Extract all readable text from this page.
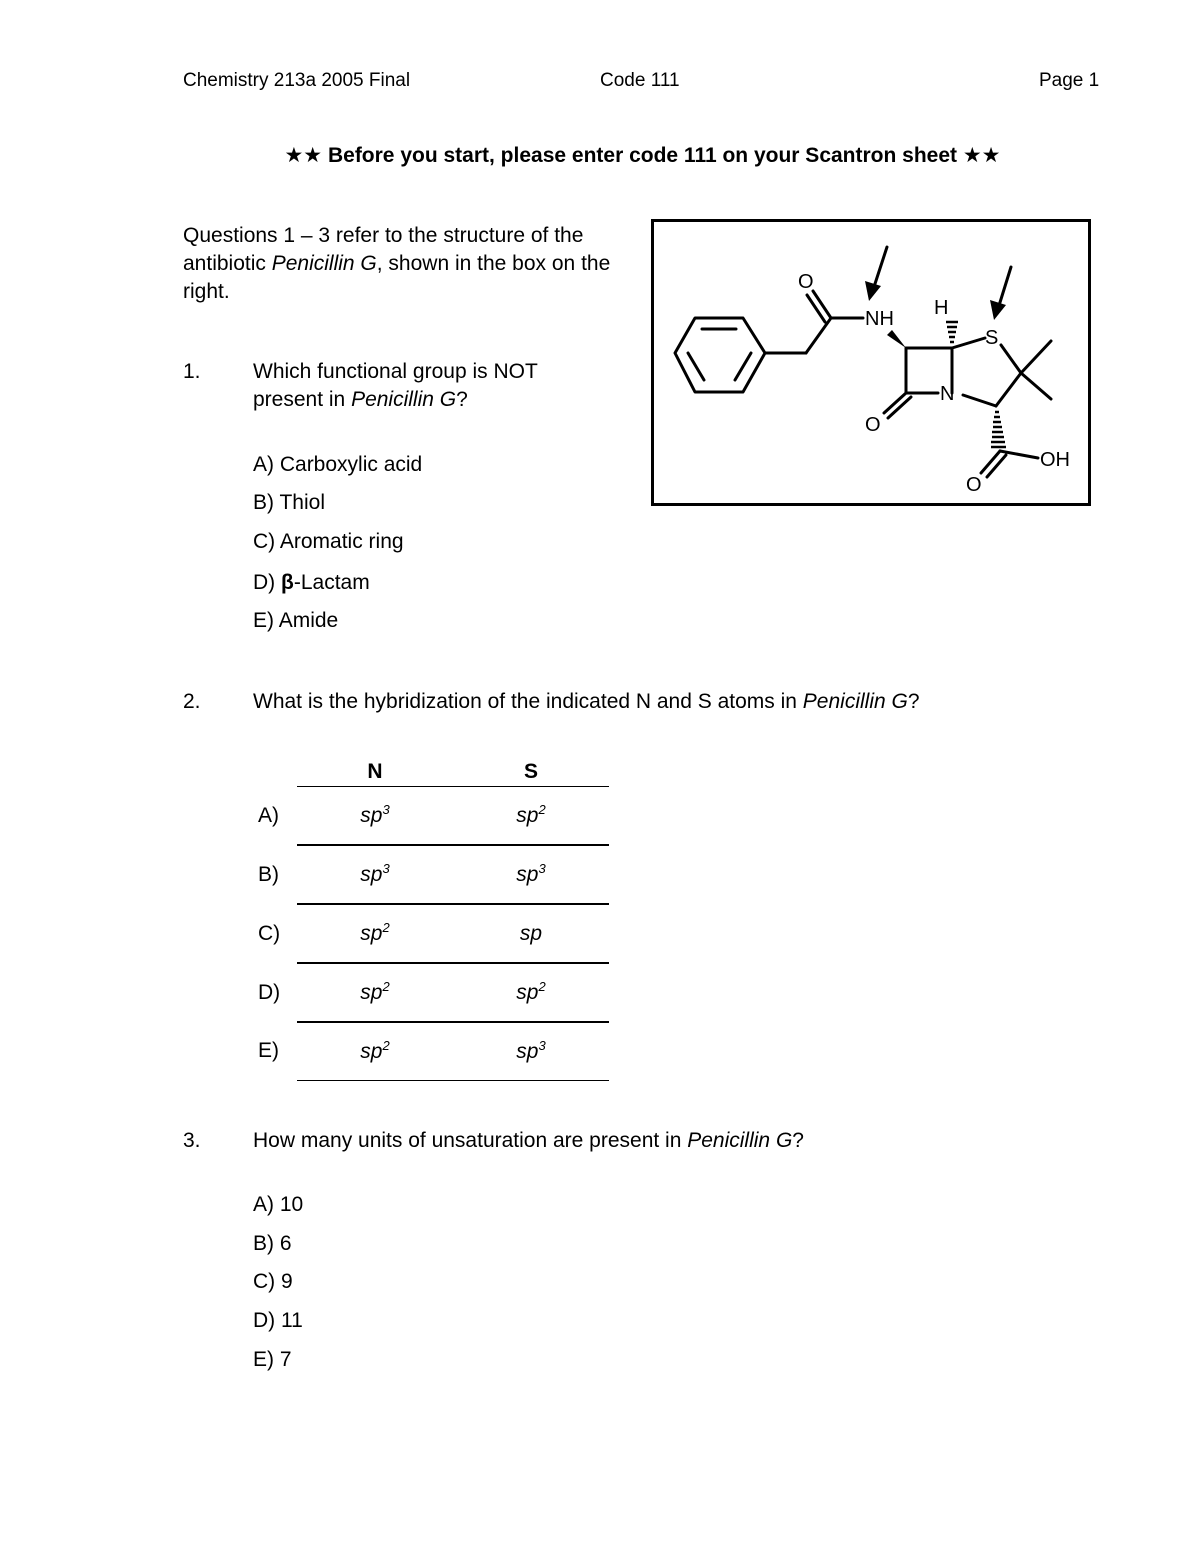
Chemistry 213a 2005 Final	Code 111	Page 1
★★ Before you start, please enter code 111 on your Scantron sheet ★★
Questions 1 – 3 refer to the structure of the antibiotic Penicillin G, shown in the box on the right.	O
NH H
S
N
O
O
OH
1. Which functional group is NOT present in Penicillin G?
A) Carboxylic acid
B) Thiol
C) Aromatic ring
D) β-Lactam
E) Amide
2. What is the hybridization of the indicated N and S atoms in Penicillin G?
	N	S
A)	$sp^3$	$sp^2$
B)	$sp^3$	$sp^3$
C)	$sp^2$	sp
D)	$sp^2$	$sp^2$
E)	$sp^2$	$sp^3$
3. How many units of unsaturation are present in Penicillin G?
A) 10
B) 6
C) 9
D) 11
E) 7
